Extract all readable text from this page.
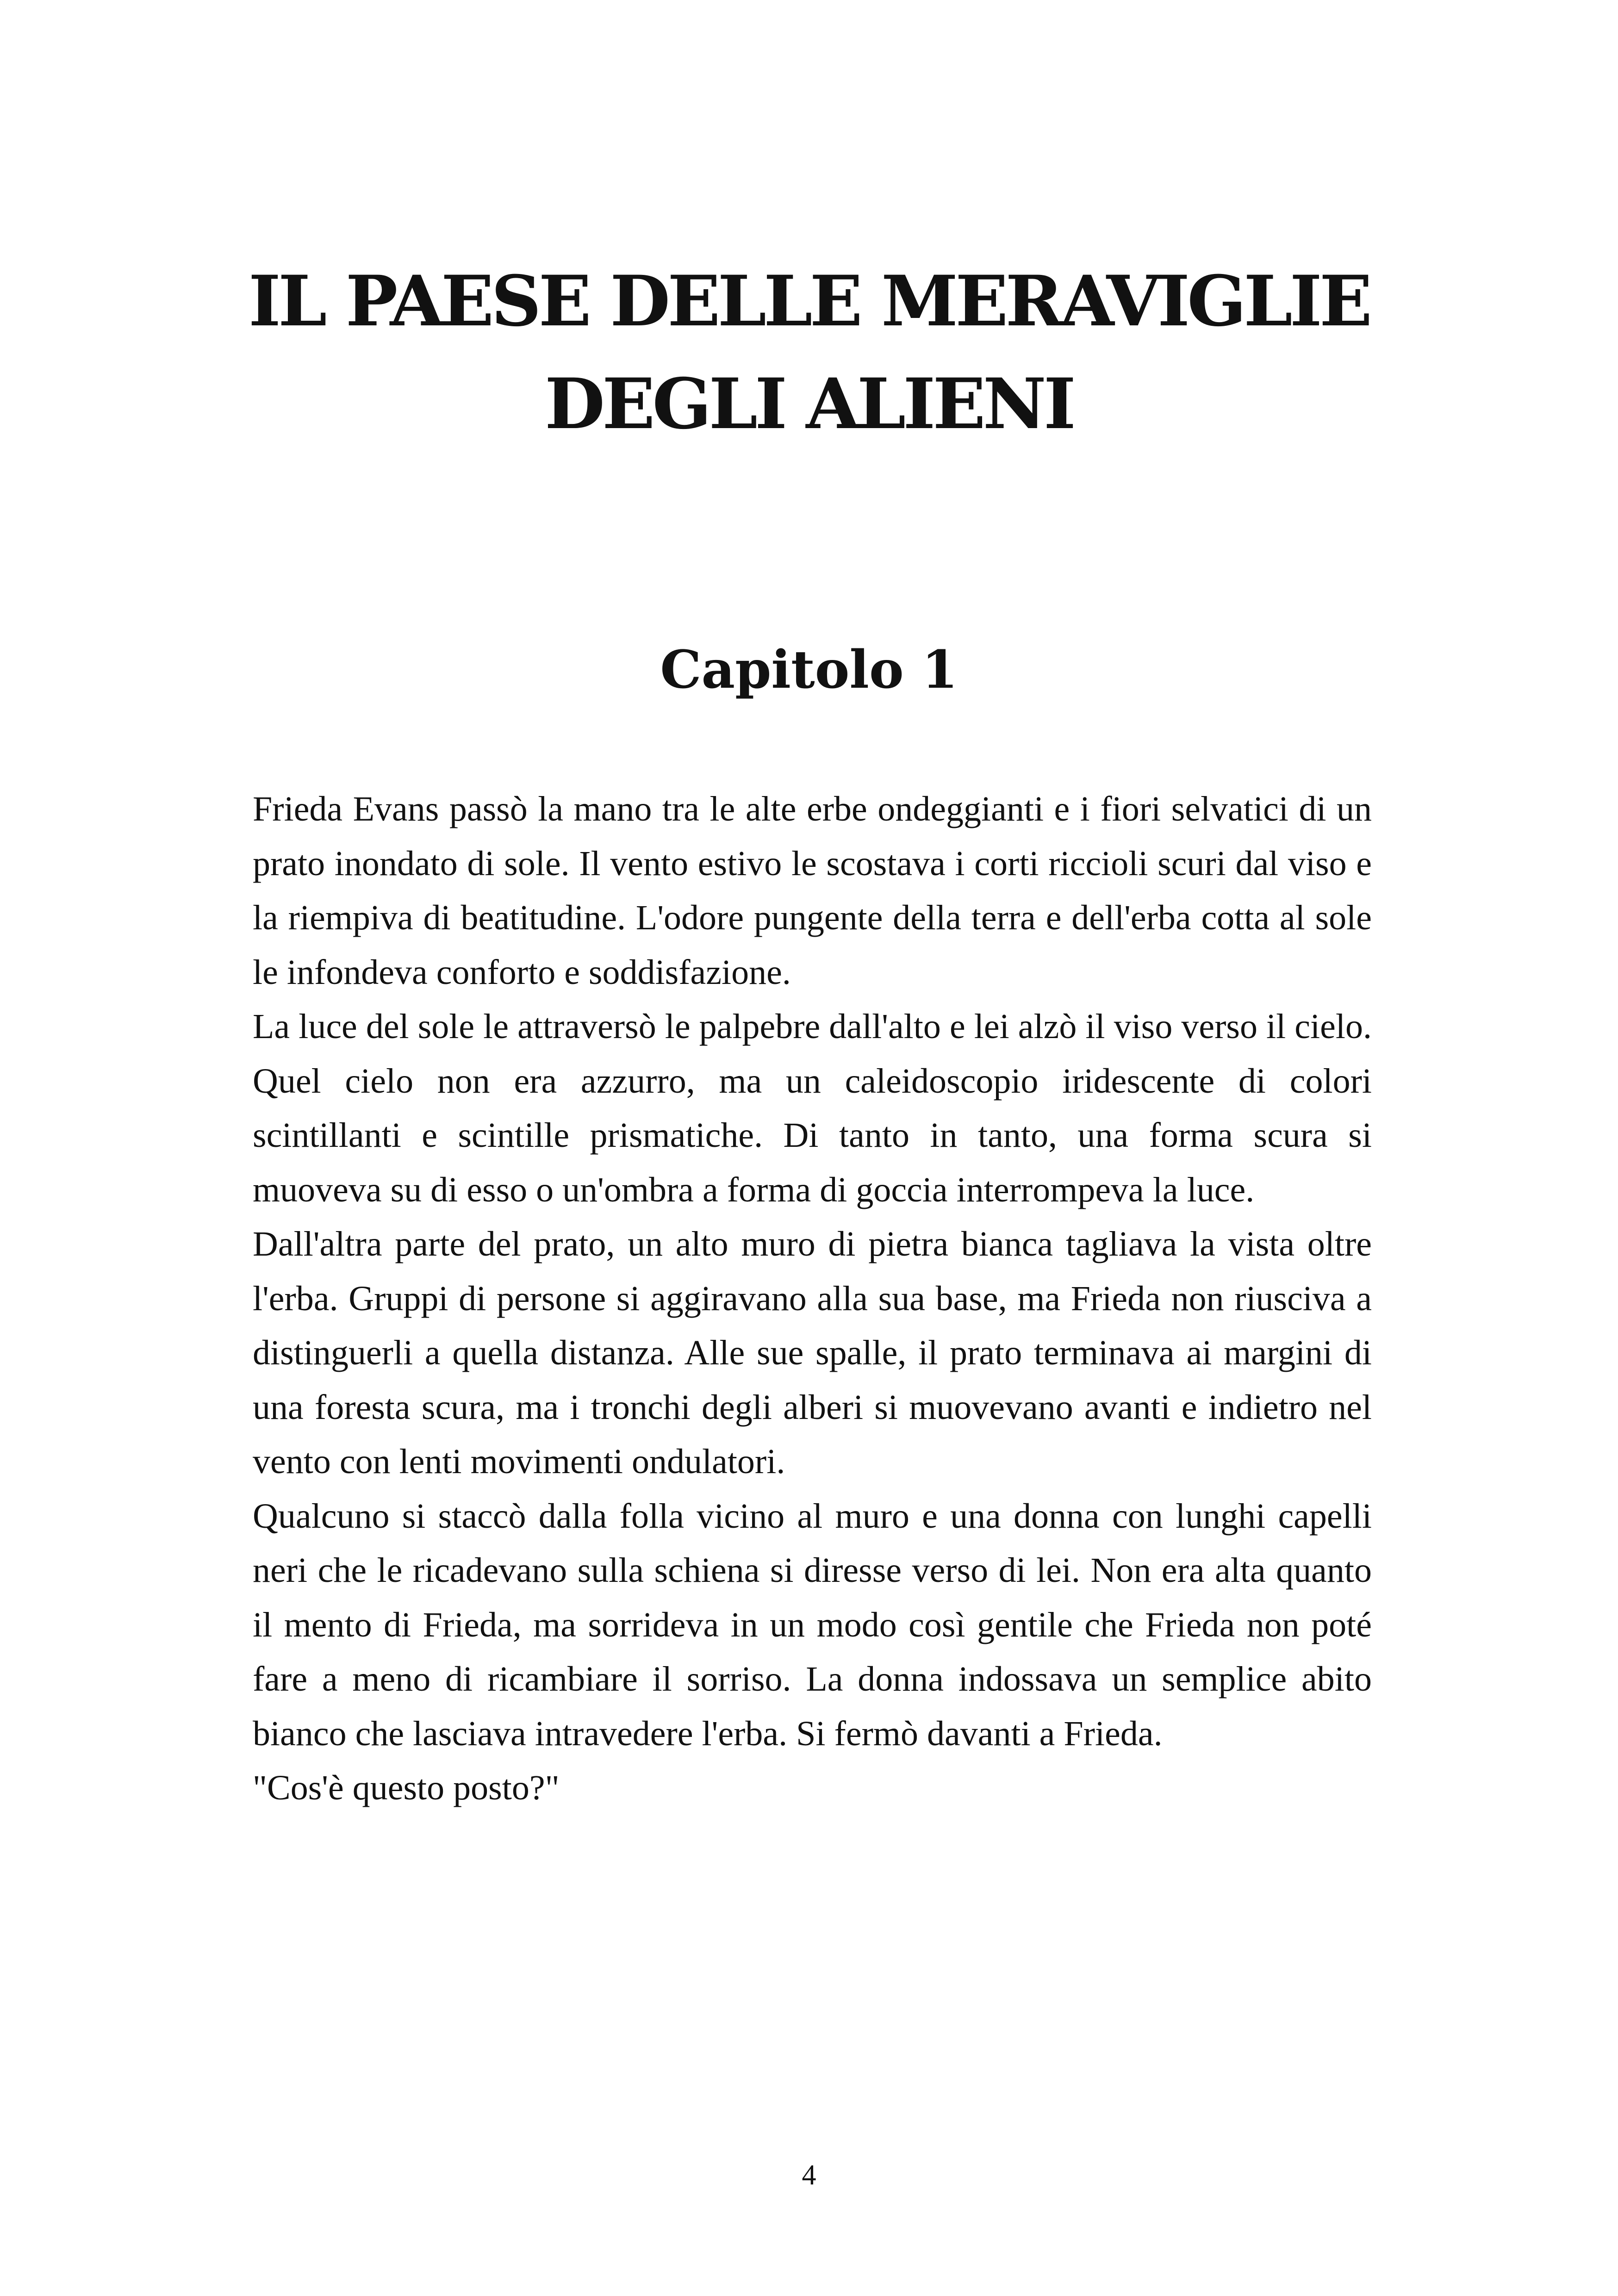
IL PAESE DELLE MERAVIGLIE
DEGLI ALIENI
Capitolo 1

Frieda Evans passò la mano tra le alte erbe ondeggianti e i fiori selvatici di un prato inondato di sole. Il vento estivo le scostava i corti riccioli scuri dal viso e la riempiva di beatitudine. L'odore pungente della terra e dell'erba cotta al sole le infondeva conforto e soddisfazione.

La luce del sole le attraversò le palpebre dall'alto e lei alzò il viso verso il cielo. Quel cielo non era azzurro, ma un caleidoscopio iridescente di colori scintillanti e scintille prismatiche. Di tanto in tanto, una forma scura si muoveva su di esso o un'ombra a forma di goccia interrompeva la luce.

Dall'altra parte del prato, un alto muro di pietra bianca tagliava la vista oltre l'erba. Gruppi di persone si aggiravano alla sua base, ma Frieda non riusciva a distinguerli a quella distanza. Alle sue spalle, il prato terminava ai margini di una foresta scura, ma i tronchi degli alberi si muovevano avanti e indietro nel vento con lenti movimenti ondulatori.

Qualcuno si staccò dalla folla vicino al muro e una donna con lunghi capelli neri che le ricadevano sulla schiena si diresse verso di lei. Non era alta quanto il mento di Frieda, ma sorrideva in un modo così gentile che Frieda non poté fare a meno di ricambiare il sorriso. La donna indossava un semplice abito bianco che lasciava intravedere l'erba. Si fermò davanti a Frieda.

"Cos'è questo posto?"

4
